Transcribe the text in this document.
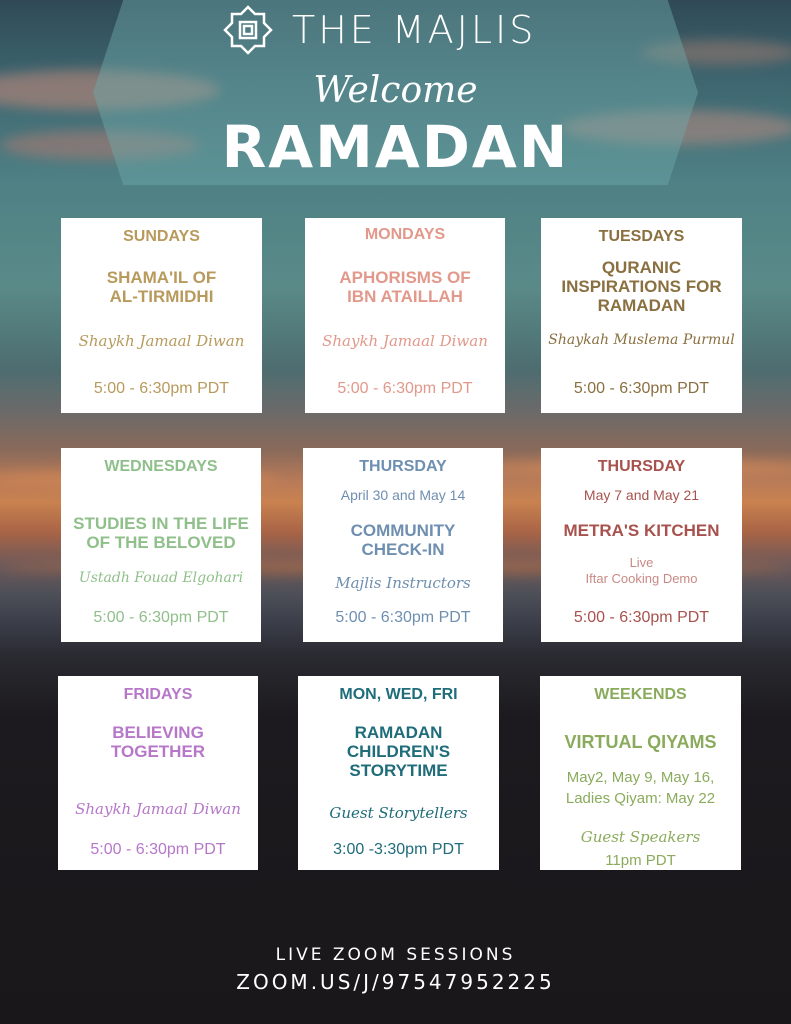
THE MAJLIS
Welcome
RAMADAN
SUNDAYS
SHAMA'IL OF
AL-TIRMIDHI
Shaykh Jamaal Diwan
5:00 - 6:30pm PDT
MONDAYS
APHORISMS OF
IBN ATAILLAH
Shaykh Jamaal Diwan
5:00 - 6:30pm PDT
TUESDAYS
QURANIC
INSPIRATIONS FOR
RAMADAN
Shaykah Muslema Purmul
5:00 - 6:30pm PDT
WEDNESDAYS
STUDIES IN THE LIFE
OF THE BELOVED
Ustadh Fouad Elgohari
5:00 - 6:30pm PDT
THURSDAY
April 30 and May 14
COMMUNITY
CHECK-IN
Majlis Instructors
5:00 - 6:30pm PDT
THURSDAY
May 7 and May 21
METRA'S KITCHEN
Live
Iftar Cooking Demo
5:00 - 6:30pm PDT
FRIDAYS
BELIEVING
TOGETHER
Shaykh Jamaal Diwan
5:00 - 6:30pm PDT
MON, WED, FRI
RAMADAN
CHILDREN'S
STORYTIME
Guest Storytellers
3:00 -3:30pm PDT
WEEKENDS
VIRTUAL QIYAMS
May2, May 9, May 16,
Ladies Qiyam: May 22
Guest Speakers
11pm PDT
LIVE ZOOM SESSIONS
ZOOM.US/J/97547952225
